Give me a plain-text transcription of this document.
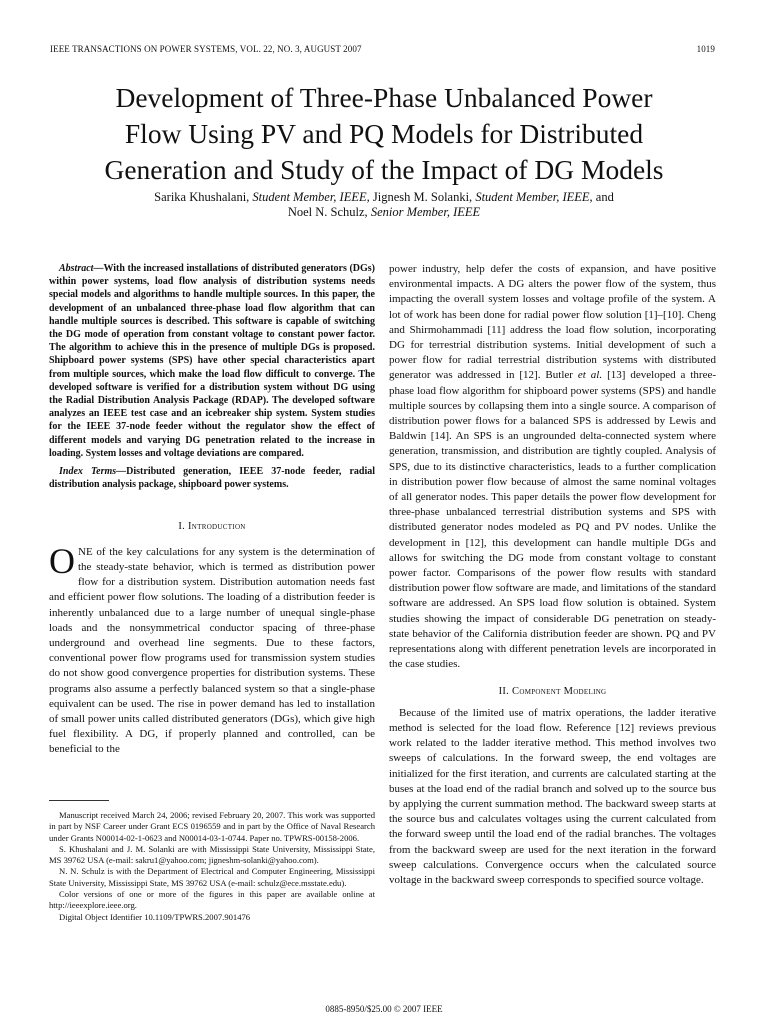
IEEE TRANSACTIONS ON POWER SYSTEMS, VOL. 22, NO. 3, AUGUST 2007	1019
Development of Three-Phase Unbalanced Power
Flow Using PV and PQ Models for Distributed
Generation and Study of the Impact of DG Models
Sarika Khushalani, Student Member, IEEE, Jignesh M. Solanki, Student Member, IEEE, and
Noel N. Schulz, Senior Member, IEEE

Abstract—With the increased installations of distributed generators (DGs) within power systems, load flow analysis of distribution systems needs special models and algorithms to handle multiple sources. In this paper, the development of an unbalanced three-phase load flow algorithm that can handle multiple sources is described. This software is capable of switching the DG mode of operation from constant voltage to constant power factor. The algorithm to achieve this in the presence of multiple DGs is proposed. Shipboard power systems (SPS) have other special characteristics apart from multiple sources, which make the load flow difficult to converge. The developed software is verified for a distribution system without DG using the Radial Distribution Analysis Package (RDAP). The developed software analyzes an IEEE test case and an icebreaker ship system. System studies for the IEEE 37-node feeder without the regulator show the effect of different models and varying DG penetration related to the increase in loading. System losses and voltage deviations are compared.

Index Terms—Distributed generation, IEEE 37-node feeder, radial distribution analysis package, shipboard power systems.

I. Introduction

ONE of the key calculations for any system is the determination of the steady-state behavior, which is termed as distribution power flow for a distribution system. Distribution automation needs fast and efficient power flow solutions. The loading of a distribution feeder is inherently unbalanced due to a large number of unequal single-phase loads and the nonsymmetrical conductor spacing of three-phase underground and overhead line segments. Due to these factors, conventional power flow programs used for transmission system studies do not show good convergence properties for distribution systems. These programs also assume a perfectly balanced system so that a single-phase equivalent can be used. The rise in power demand has led to installation of small power units called distributed generators (DGs), which give high fuel flexibility. A DG, if properly planned and controlled, can be beneficial to the

Manuscript received March 24, 2006; revised February 20, 2007. This work was supported in part by NSF Career under Grant ECS 0196559 and in part by the Office of Naval Research under Grants N00014-02-1-0623 and N00014-03-1-0744. Paper no. TPWRS-00158-2006.

S. Khushalani and J. M. Solanki are with Mississippi State University, Mississippi State, MS 39762 USA (e-mail: sakru1@yahoo.com; jigneshm-solanki@yahoo.com).

N. N. Schulz is with the Department of Electrical and Computer Engineering, Mississippi State University, Mississippi State, MS 39762 USA (e-mail: schulz@ece.msstate.edu).

Color versions of one or more of the figures in this paper are available online at http://ieeexplore.ieee.org.

Digital Object Identifier 10.1109/TPWRS.2007.901476

power industry, help defer the costs of expansion, and have positive environmental impacts. A DG alters the power flow of the system, thus impacting the overall system losses and voltage profile of the system. A lot of work has been done for radial power flow solution [1]–[10]. Cheng and Shirmohammadi [11] address the load flow solution, incorporating DG for terrestrial distribution systems. Initial development of such a power flow for radial terrestrial distribution systems with distributed generator was addressed in [12]. Butler et al. [13] developed a three-phase load flow algorithm for shipboard power systems (SPS) and handle multiple sources by collapsing them into a single source. A comparison of distribution power flows for a balanced SPS is addressed by Lewis and Baldwin [14]. An SPS is an ungrounded delta-connected system where generation, transmission, and distribution are tightly coupled. Analysis of SPS, due to its distinctive characteristics, leads to a further complication in distribution power flow because of almost the same nominal voltages of all generator nodes. This paper details the power flow development for three-phase unbalanced terrestrial distribution systems and SPS with distributed generator nodes modeled as PQ and PV nodes. Unlike the development in [12], this development can handle multiple DGs and allows for switching the DG mode from constant voltage to constant power factor. Comparisons of the power flow results with standard distribution power flow software are made, and limitations of the standard software are addressed. An SPS load flow solution is obtained. System studies showing the impact of considerable DG penetration on steady-state behavior of the California distribution feeder are shown. PQ and PV representations along with different penetration levels are incorporated in the case studies.

II. Component Modeling

Because of the limited use of matrix operations, the ladder iterative method is selected for the load flow. Reference [12] reviews previous work related to the ladder iterative method. This method involves two sweeps of calculations. In the forward sweep, the end voltages are initialized for the first iteration, and currents are calculated starting at the buses at the load end of the radial branch and solved up to the source bus by applying the current summation method. The backward sweep starts at the source bus and calculates voltages using the current calculated from the forward sweep until the load end of the radial branches. The voltages from the backward sweep are used for the next iteration in the forward sweep calculations. Convergence occurs when the calculated source voltage in the backward sweep corresponds to specified source voltage.

0885-8950/$25.00 © 2007 IEEE
